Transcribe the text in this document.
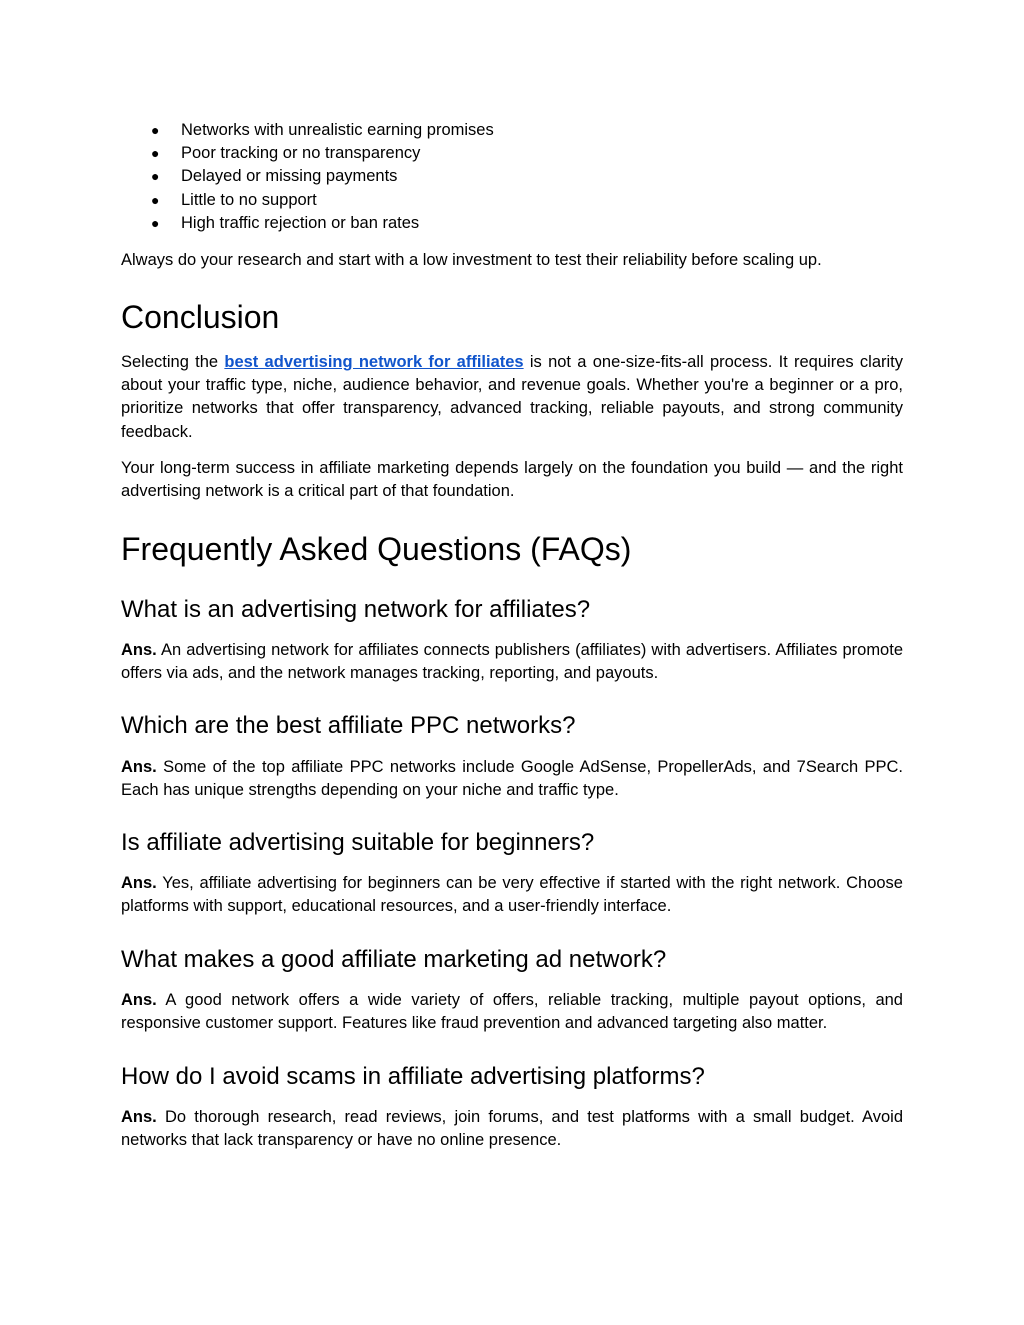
● Networks with unrealistic earning promises
● Poor tracking or no transparency
● Delayed or missing payments
● Little to no support
● High traffic rejection or ban rates

Always do your research and start with a low investment to test their reliability before scaling up.

Conclusion

Selecting the best advertising network for affiliates is not a one-size-fits-all process. It requires clarity about your traffic type, niche, audience behavior, and revenue goals. Whether you're a beginner or a pro, prioritize networks that offer transparency, advanced tracking, reliable payouts, and strong community feedback.

Your long-term success in affiliate marketing depends largely on the foundation you build — and the right advertising network is a critical part of that foundation.

Frequently Asked Questions (FAQs)
What is an advertising network for affiliates?

Ans. An advertising network for affiliates connects publishers (affiliates) with advertisers. Affiliates promote offers via ads, and the network manages tracking, reporting, and payouts.

Which are the best affiliate PPC networks?

Ans. Some of the top affiliate PPC networks include Google AdSense, PropellerAds, and 7Search PPC. Each has unique strengths depending on your niche and traffic type.

Is affiliate advertising suitable for beginners?

Ans. Yes, affiliate advertising for beginners can be very effective if started with the right network. Choose platforms with support, educational resources, and a user-friendly interface.

What makes a good affiliate marketing ad network?

Ans. A good network offers a wide variety of offers, reliable tracking, multiple payout options, and responsive customer support. Features like fraud prevention and advanced targeting also matter.

How do I avoid scams in affiliate advertising platforms?

Ans. Do thorough research, read reviews, join forums, and test platforms with a small budget. Avoid networks that lack transparency or have no online presence.
